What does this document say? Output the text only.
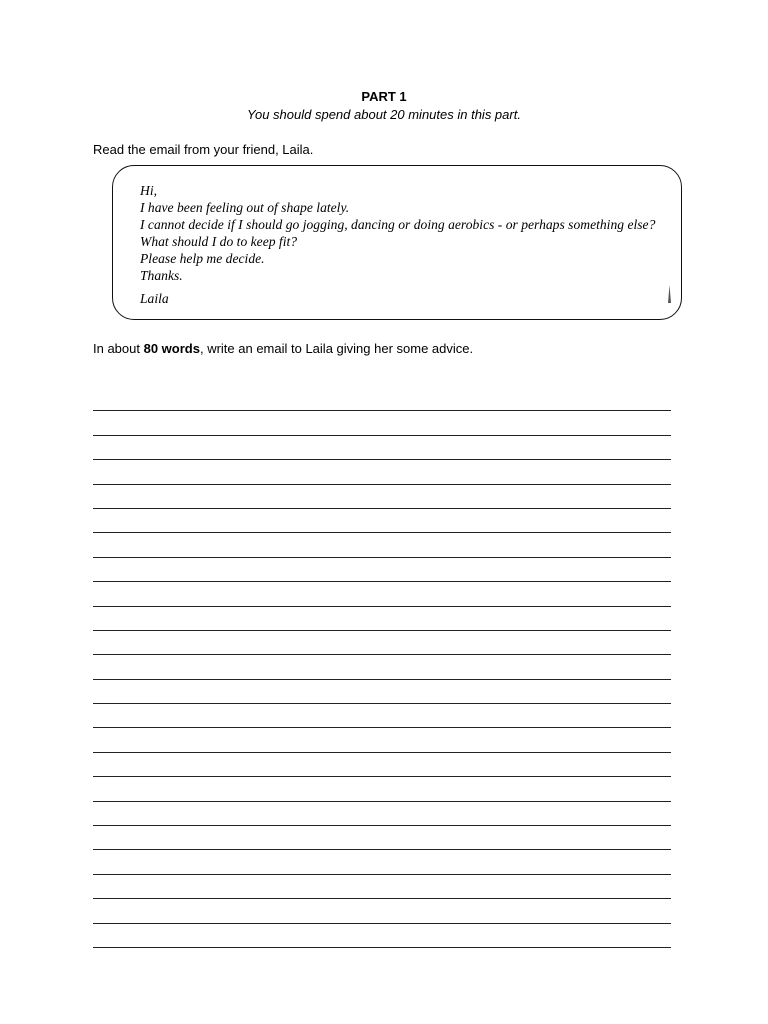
PART 1
You should spend about 20 minutes in this part.
Read the email from your friend, Laila.
Hi,
I have been feeling out of shape lately.
I cannot decide if I should go jogging, dancing or doing aerobics - or perhaps something else?
What should I do to keep fit?
Please help me decide.
Thanks.
Laila
In about 80 words, write an email to Laila giving her some advice.
